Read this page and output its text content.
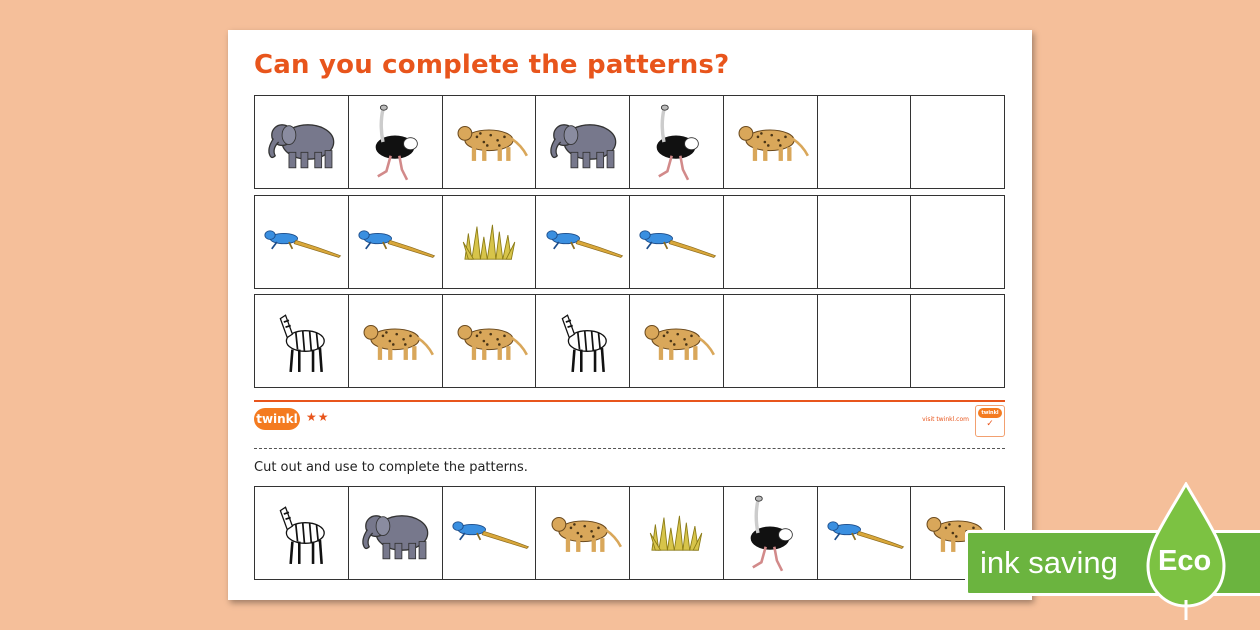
Can you complete the patterns?
twinkl ★★	visit twinkl.com
twinkl
✓
Cut out and use to complete the patterns.
ink saving Eco
